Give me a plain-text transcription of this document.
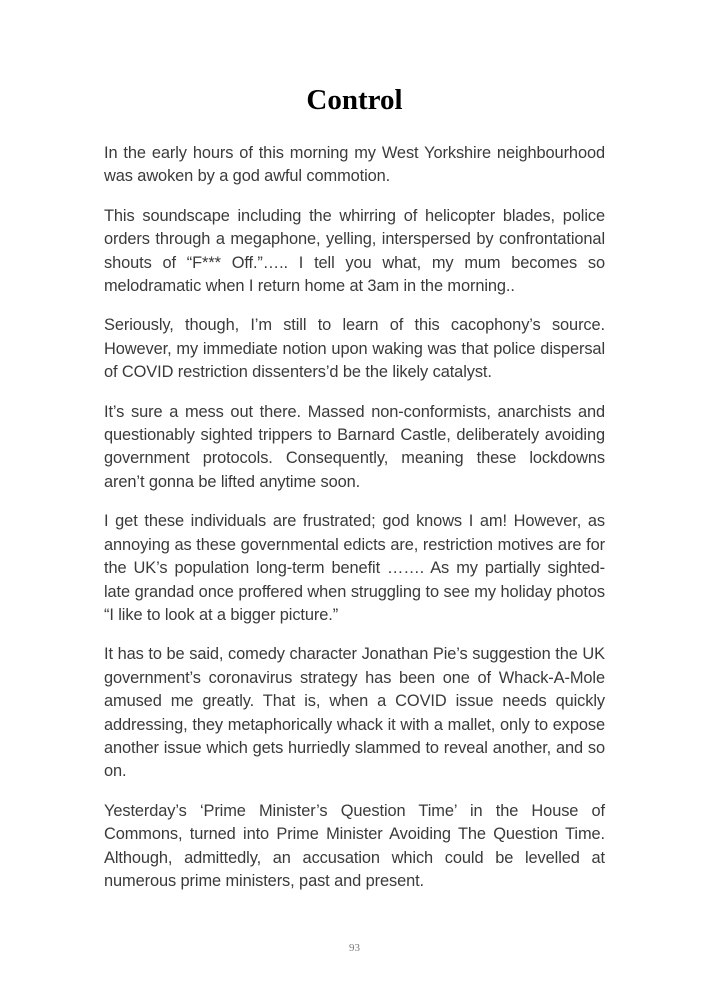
Control

In the early hours of this morning my West Yorkshire neighbourhood was awoken by a god awful commotion.

This soundscape including the whirring of helicopter blades, police orders through a megaphone, yelling, interspersed by confrontational shouts of “F*** Off.”….. I tell you what, my mum becomes so melodramatic when I return home at 3am in the morning..

Seriously, though, I’m still to learn of this cacophony’s source. However, my immediate notion upon waking was that police dispersal of COVID restriction dissenters’d be the likely catalyst.

It’s sure a mess out there. Massed non-conformists, anarchists and questionably sighted trippers to Barnard Castle, deliberately avoiding government protocols. Consequently, meaning these lockdowns aren’t gonna be lifted anytime soon.

I get these individuals are frustrated; god knows I am! However, as annoying as these governmental edicts are, restriction motives are for the UK’s population long-term benefit ……. As my partially sighted-late grandad once proffered when struggling to see my holiday photos “I like to look at a bigger picture.”

It has to be said, comedy character Jonathan Pie’s suggestion the UK government’s coronavirus strategy has been one of Whack-A-Mole amused me greatly. That is, when a COVID issue needs quickly addressing, they metaphorically whack it with a mallet, only to expose another issue which gets hurriedly slammed to reveal another, and so on.

Yesterday’s ‘Prime Minister’s Question Time’ in the House of Commons, turned into Prime Minister Avoiding The Question Time. Although, admittedly, an accusation which could be levelled at numerous prime ministers, past and present.

93
